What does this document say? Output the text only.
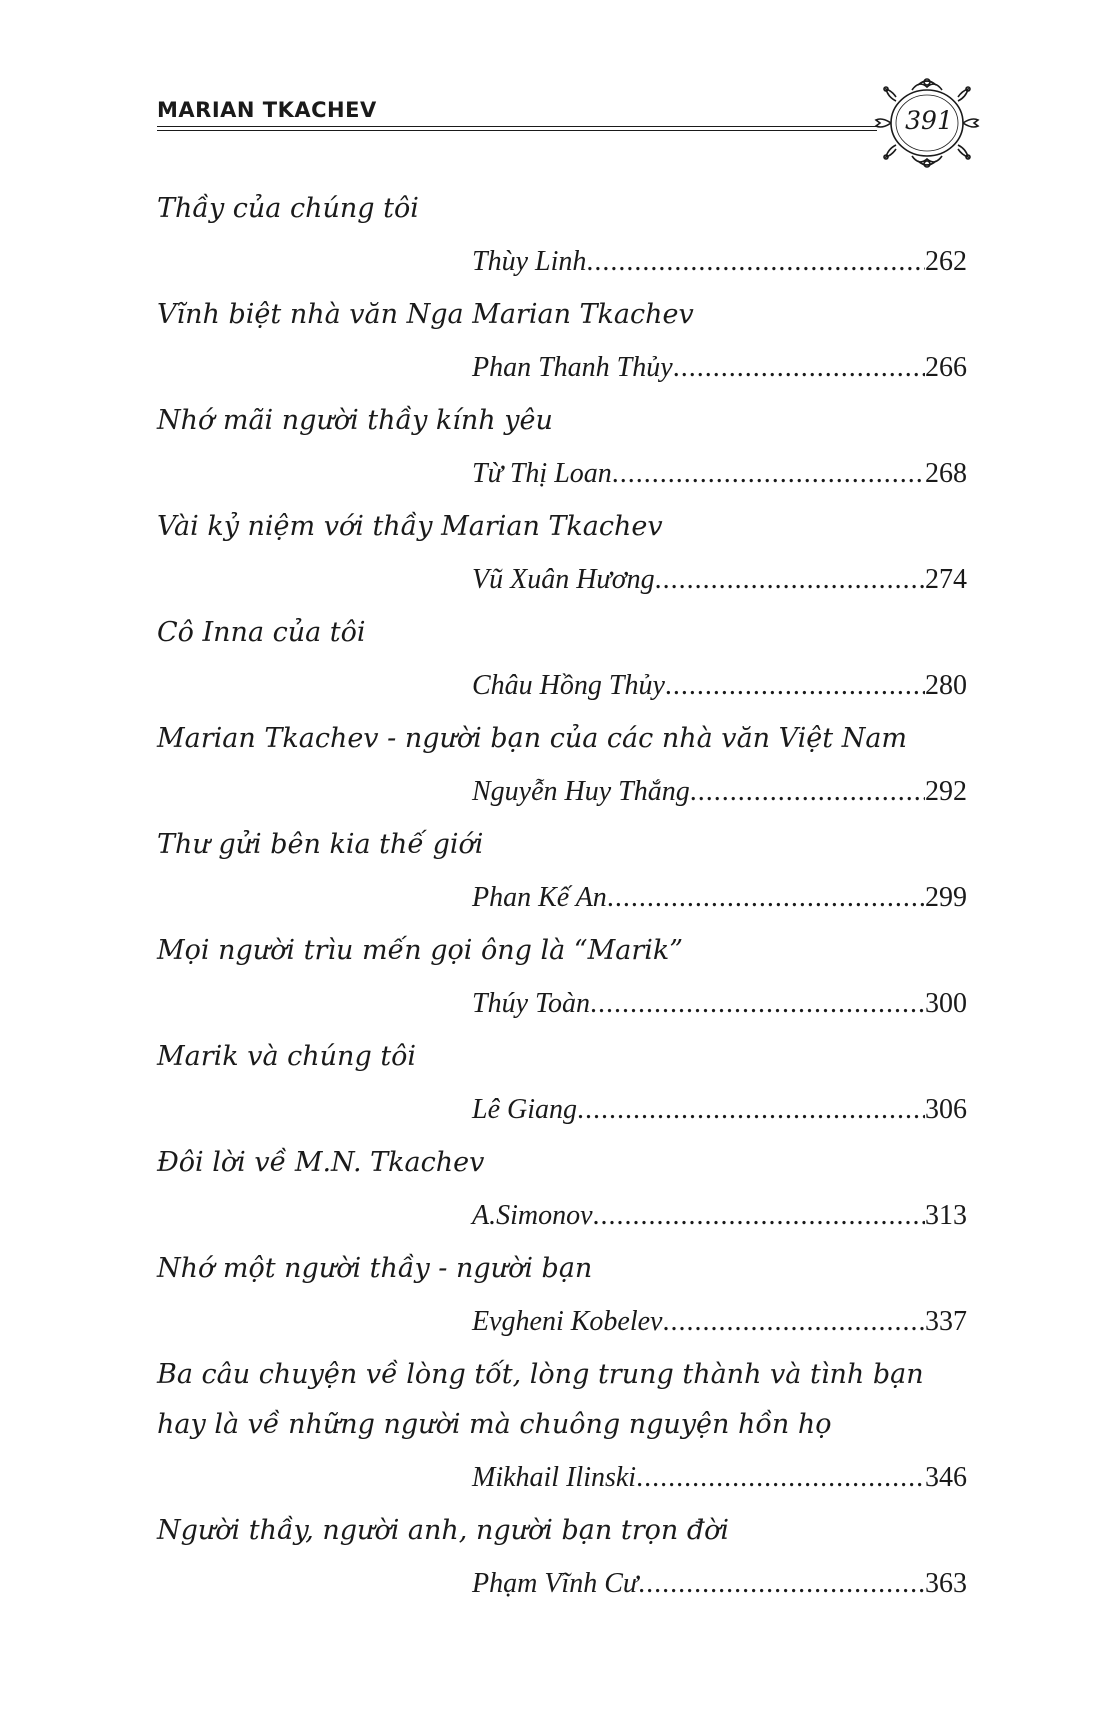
MARIAN TKACHEV	391
Thầy của chúng tôi
Thùy Linh .....	262
Vĩnh biệt nhà văn Nga Marian Tkachev
Phan Thanh Thủy .....	266
Nhớ mãi người thầy kính yêu
Từ Thị Loan .....	268
Vài kỷ niệm với thầy Marian Tkachev
Vũ Xuân Hương .....	274
Cô Inna của tôi
Châu Hồng Thủy .....	280
Marian Tkachev - người bạn của các nhà văn Việt Nam
Nguyễn Huy Thắng .....	292
Thư gửi bên kia thế giới
Phan Kế An .....	299
Mọi người trìu mến gọi ông là “Marik”
Thúy Toàn .....	300
Marik và chúng tôi
Lê Giang .....	306
Đôi lời về M.N. Tkachev
A.Simonov .....	313
Nhớ một người thầy - người bạn
Evgheni Kobelev .....	337
Ba câu chuyện về lòng tốt, lòng trung thành và tình bạn hay là về những người mà chuông nguyện hồn họ
Mikhail Ilinski .....	346
Người thầy, người anh, người bạn trọn đời
Phạm Vĩnh Cư .....	363
